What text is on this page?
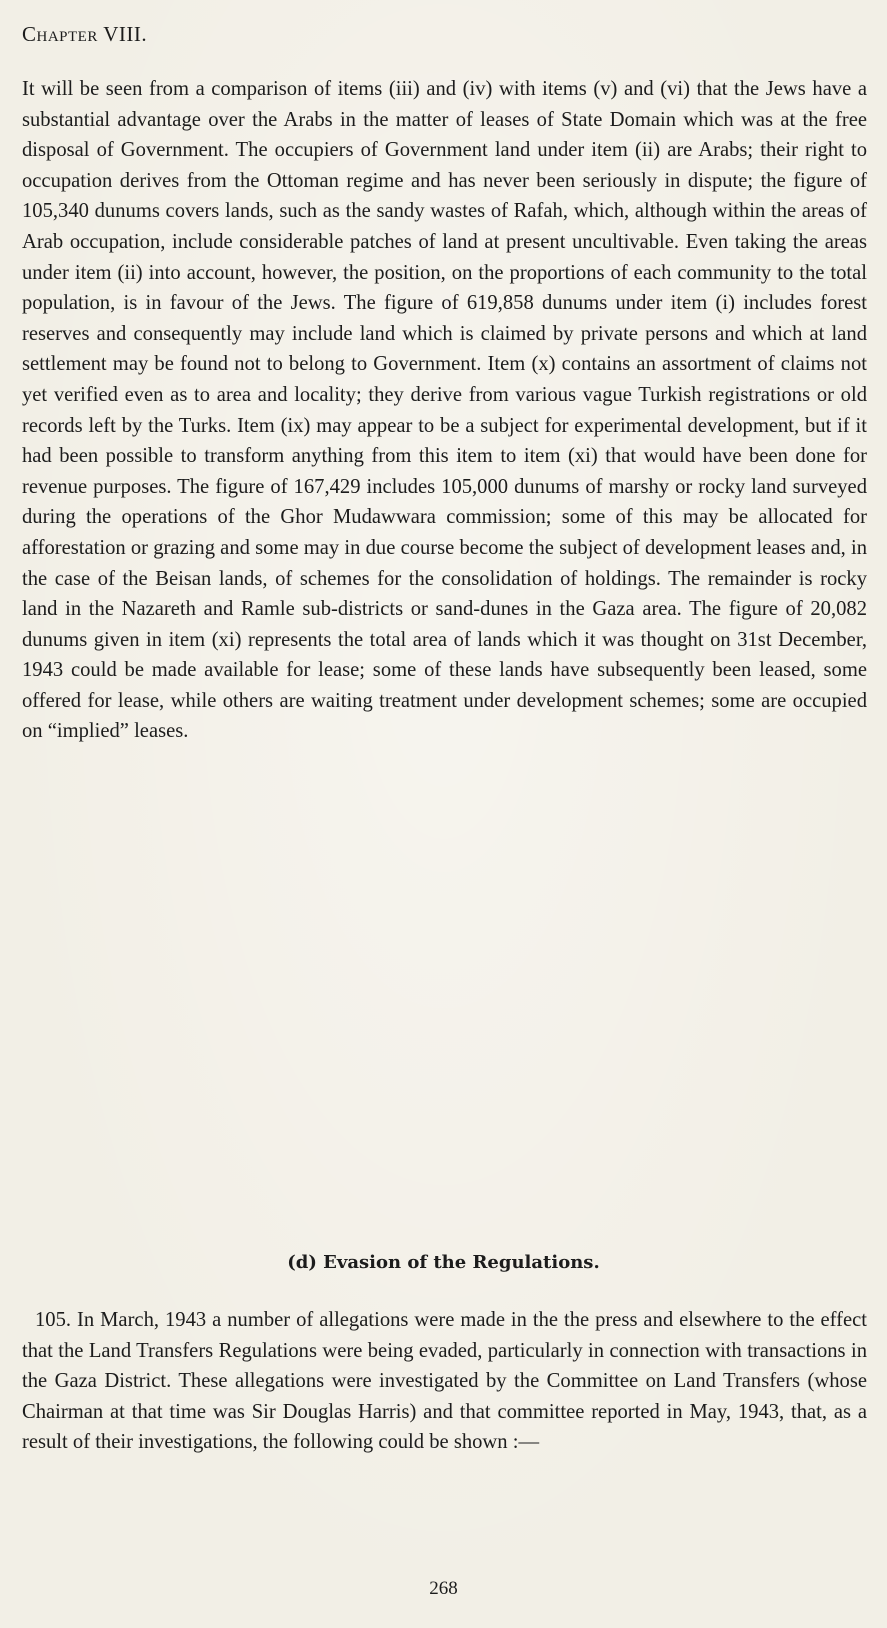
Chapter VIII.

It will be seen from a comparison of items (iii) and (iv) with items (v) and (vi) that the Jews have a substantial advantage over the Arabs in the matter of leases of State Domain which was at the free disposal of Government. The occupiers of Government land under item (ii) are Arabs; their right to occupation derives from the Ottoman regime and has never been seriously in dispute; the figure of 105,340 dunums covers lands, such as the sandy wastes of Rafah, which, although within the areas of Arab occupation, include considerable patches of land at present uncultivable. Even taking the areas under item (ii) into account, however, the position, on the proportions of each community to the total population, is in favour of the Jews. The figure of 619,858 dunums under item (i) includes forest reserves and consequently may include land which is claimed by private persons and which at land settlement may be found not to belong to Government. Item (x) contains an assortment of claims not yet verified even as to area and locality; they derive from various vague Turkish registrations or old records left by the Turks. Item (ix) may appear to be a subject for experimental development, but if it had been possible to transform anything from this item to item (xi) that would have been done for revenue purposes. The figure of 167,429 includes 105,000 dunums of marshy or rocky land surveyed during the operations of the Ghor Mudawwara commission; some of this may be allocated for afforestation or grazing and some may in due course become the subject of development leases and, in the case of the Beisan lands, of schemes for the consolidation of holdings. The remainder is rocky land in the Nazareth and Ramle sub-districts or sand-dunes in the Gaza area. The figure of 20,082 dunums given in item (xi) represents the total area of lands which it was thought on 31st December, 1943 could be made available for lease; some of these lands have subsequently been leased, some offered for lease, while others are waiting treatment under development schemes; some are occupied on “implied” leases.

(d) Evasion of the Regulations.

105. In March, 1943 a number of allegations were made in the the press and elsewhere to the effect that the Land Transfers Regulations were being evaded, particularly in connection with transactions in the Gaza District. These allegations were investigated by the Committee on Land Transfers (whose Chairman at that time was Sir Douglas Harris) and that committee reported in May, 1943, that, as a result of their investigations, the following could be shown :—

268
